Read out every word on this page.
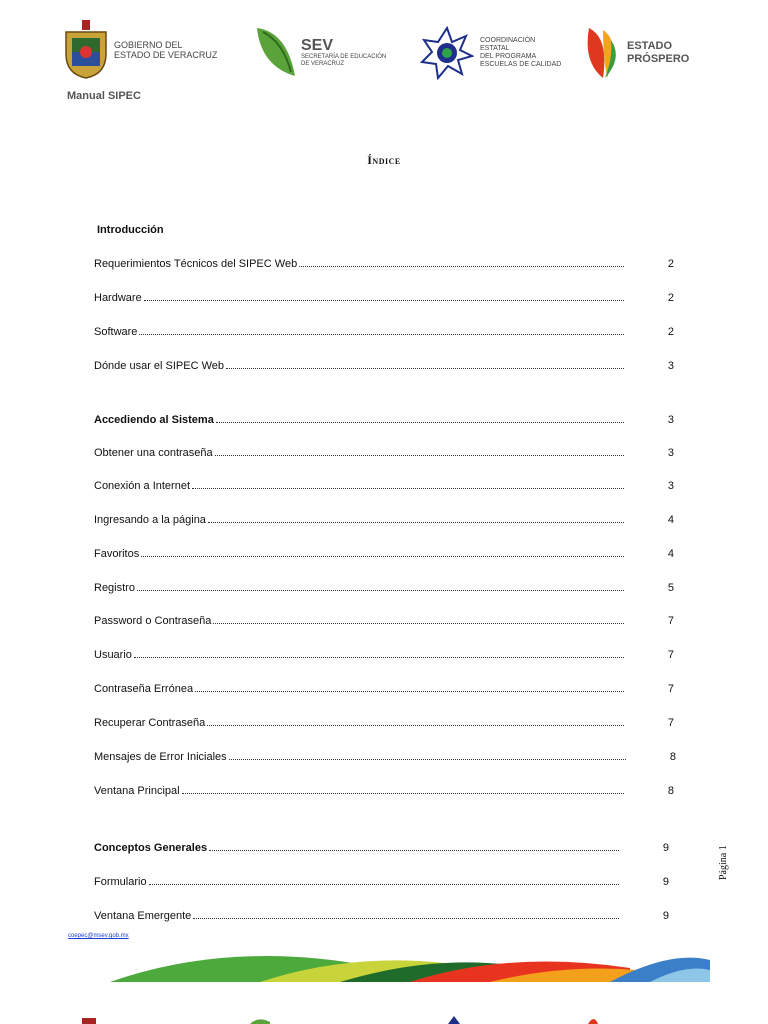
GOBIERNO DEL
ESTADO DE VERACRUZ
SEV
SECRETARÍA DE EDUCACIÓN
DE VERACRUZ
COORDINACIÓN
ESTATAL
DEL PROGRAMA
ESCUELAS DE CALIDAD
ESTADO
PRÓSPERO
Manual SIPEC
Índice
Introducción
Requerimientos Técnicos del SIPEC Web	2
Hardware	2
Software	2
Dónde usar el SIPEC Web	3
Accediendo al Sistema	3
Obtener una contraseña	3
Conexión a Internet	3
Ingresando a la página	4
Favoritos	4
Registro	5
Password o Contraseña	7
Usuario	7
Contraseña Errónea	7
Recuperar Contraseña	7
Mensajes de Error Iniciales	8
Ventana Principal	8
Conceptos Generales	9
Formulario	9
Ventana Emergente	9
coepec@msev.gob.mx
Página 1
